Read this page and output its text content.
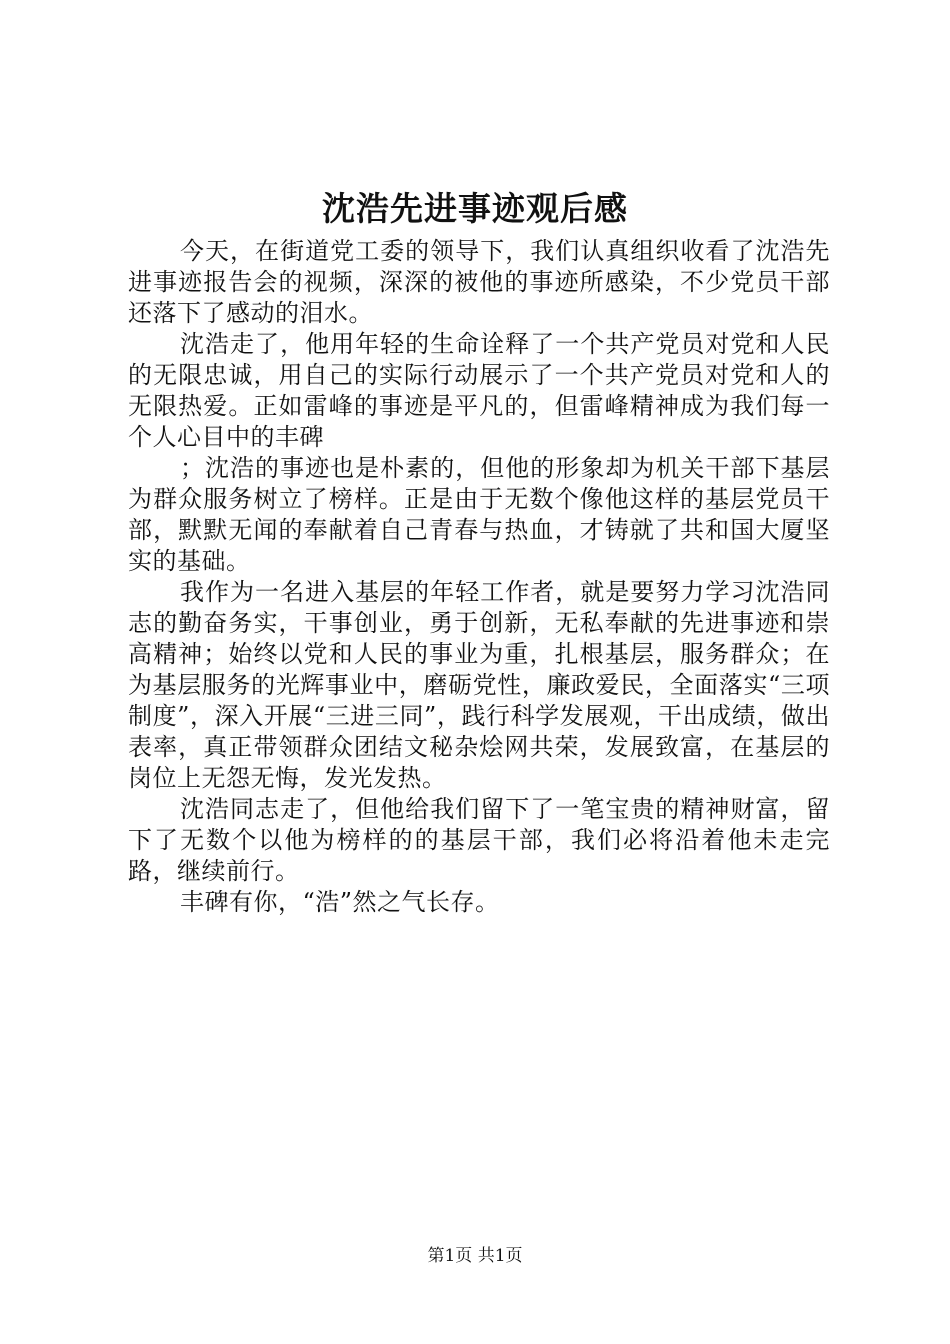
沈浩先进事迹观后感

今天，在街道党工委的领导下，我们认真组织收看了沈浩先进事迹报告会的视频，深深的被他的事迹所感染，不少党员干部还落下了感动的泪水。

沈浩走了，他用年轻的生命诠释了一个共产党员对党和人民的无限忠诚，用自己的实际行动展示了一个共产党员对党和人的无限热爱。正如雷峰的事迹是平凡的，但雷峰精神成为我们每一个人心目中的丰碑

；沈浩的事迹也是朴素的，但他的形象却为机关干部下基层为群众服务树立了榜样。正是由于无数个像他这样的基层党员干部，默默无闻的奉献着自己青春与热血，才铸就了共和国大厦坚实的基础。

我作为一名进入基层的年轻工作者，就是要努力学习沈浩同志的勤奋务实，干事创业，勇于创新，无私奉献的先进事迹和崇高精神；始终以党和人民的事业为重，扎根基层，服务群众；在为基层服务的光辉事业中，磨砺党性，廉政爱民，全面落实“三项制度”，深入开展“三进三同”，践行科学发展观，干出成绩，做出表率，真正带领群众团结文秘杂烩网共荣，发展致富，在基层的岗位上无怨无悔，发光发热。

沈浩同志走了，但他给我们留下了一笔宝贵的精神财富，留下了无数个以他为榜样的的基层干部，我们必将沿着他未走完路，继续前行。

丰碑有你，“浩”然之气长存。

第1页 共1页
